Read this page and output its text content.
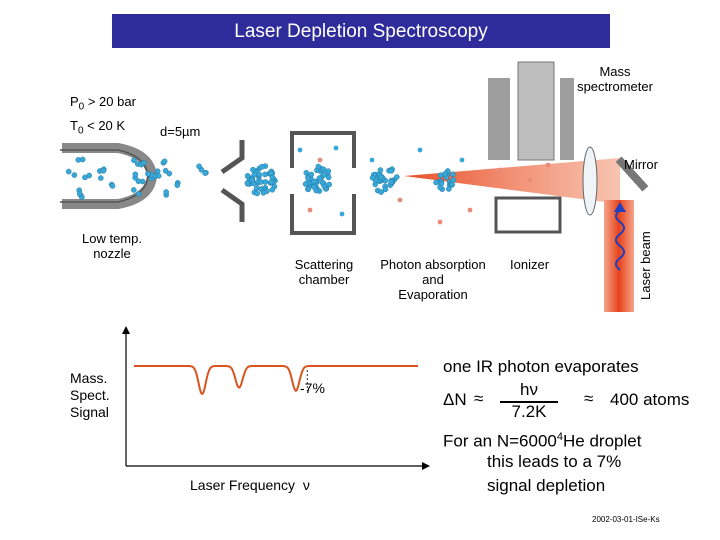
Laser Depletion Spectroscopy
$P_0 > 20$ bar
$T_0 < 20$ K	d=5µm
Low temp.
nozzle
Scattering
chamber
Photon absorption
and
Evaporation
Ionizer
Mass
spectrometer
Mirror
Laser beam
Mass.
Spect.
Signal
Laser Frequency ν
-7%
one IR photon evaporates
ΔN ≈	hν
7.2K
≈ 400 atoms
For an $N=6000^4He$ droplet
this leads to a 7%
signal depletion
2002-03-01-ISe-Ks
